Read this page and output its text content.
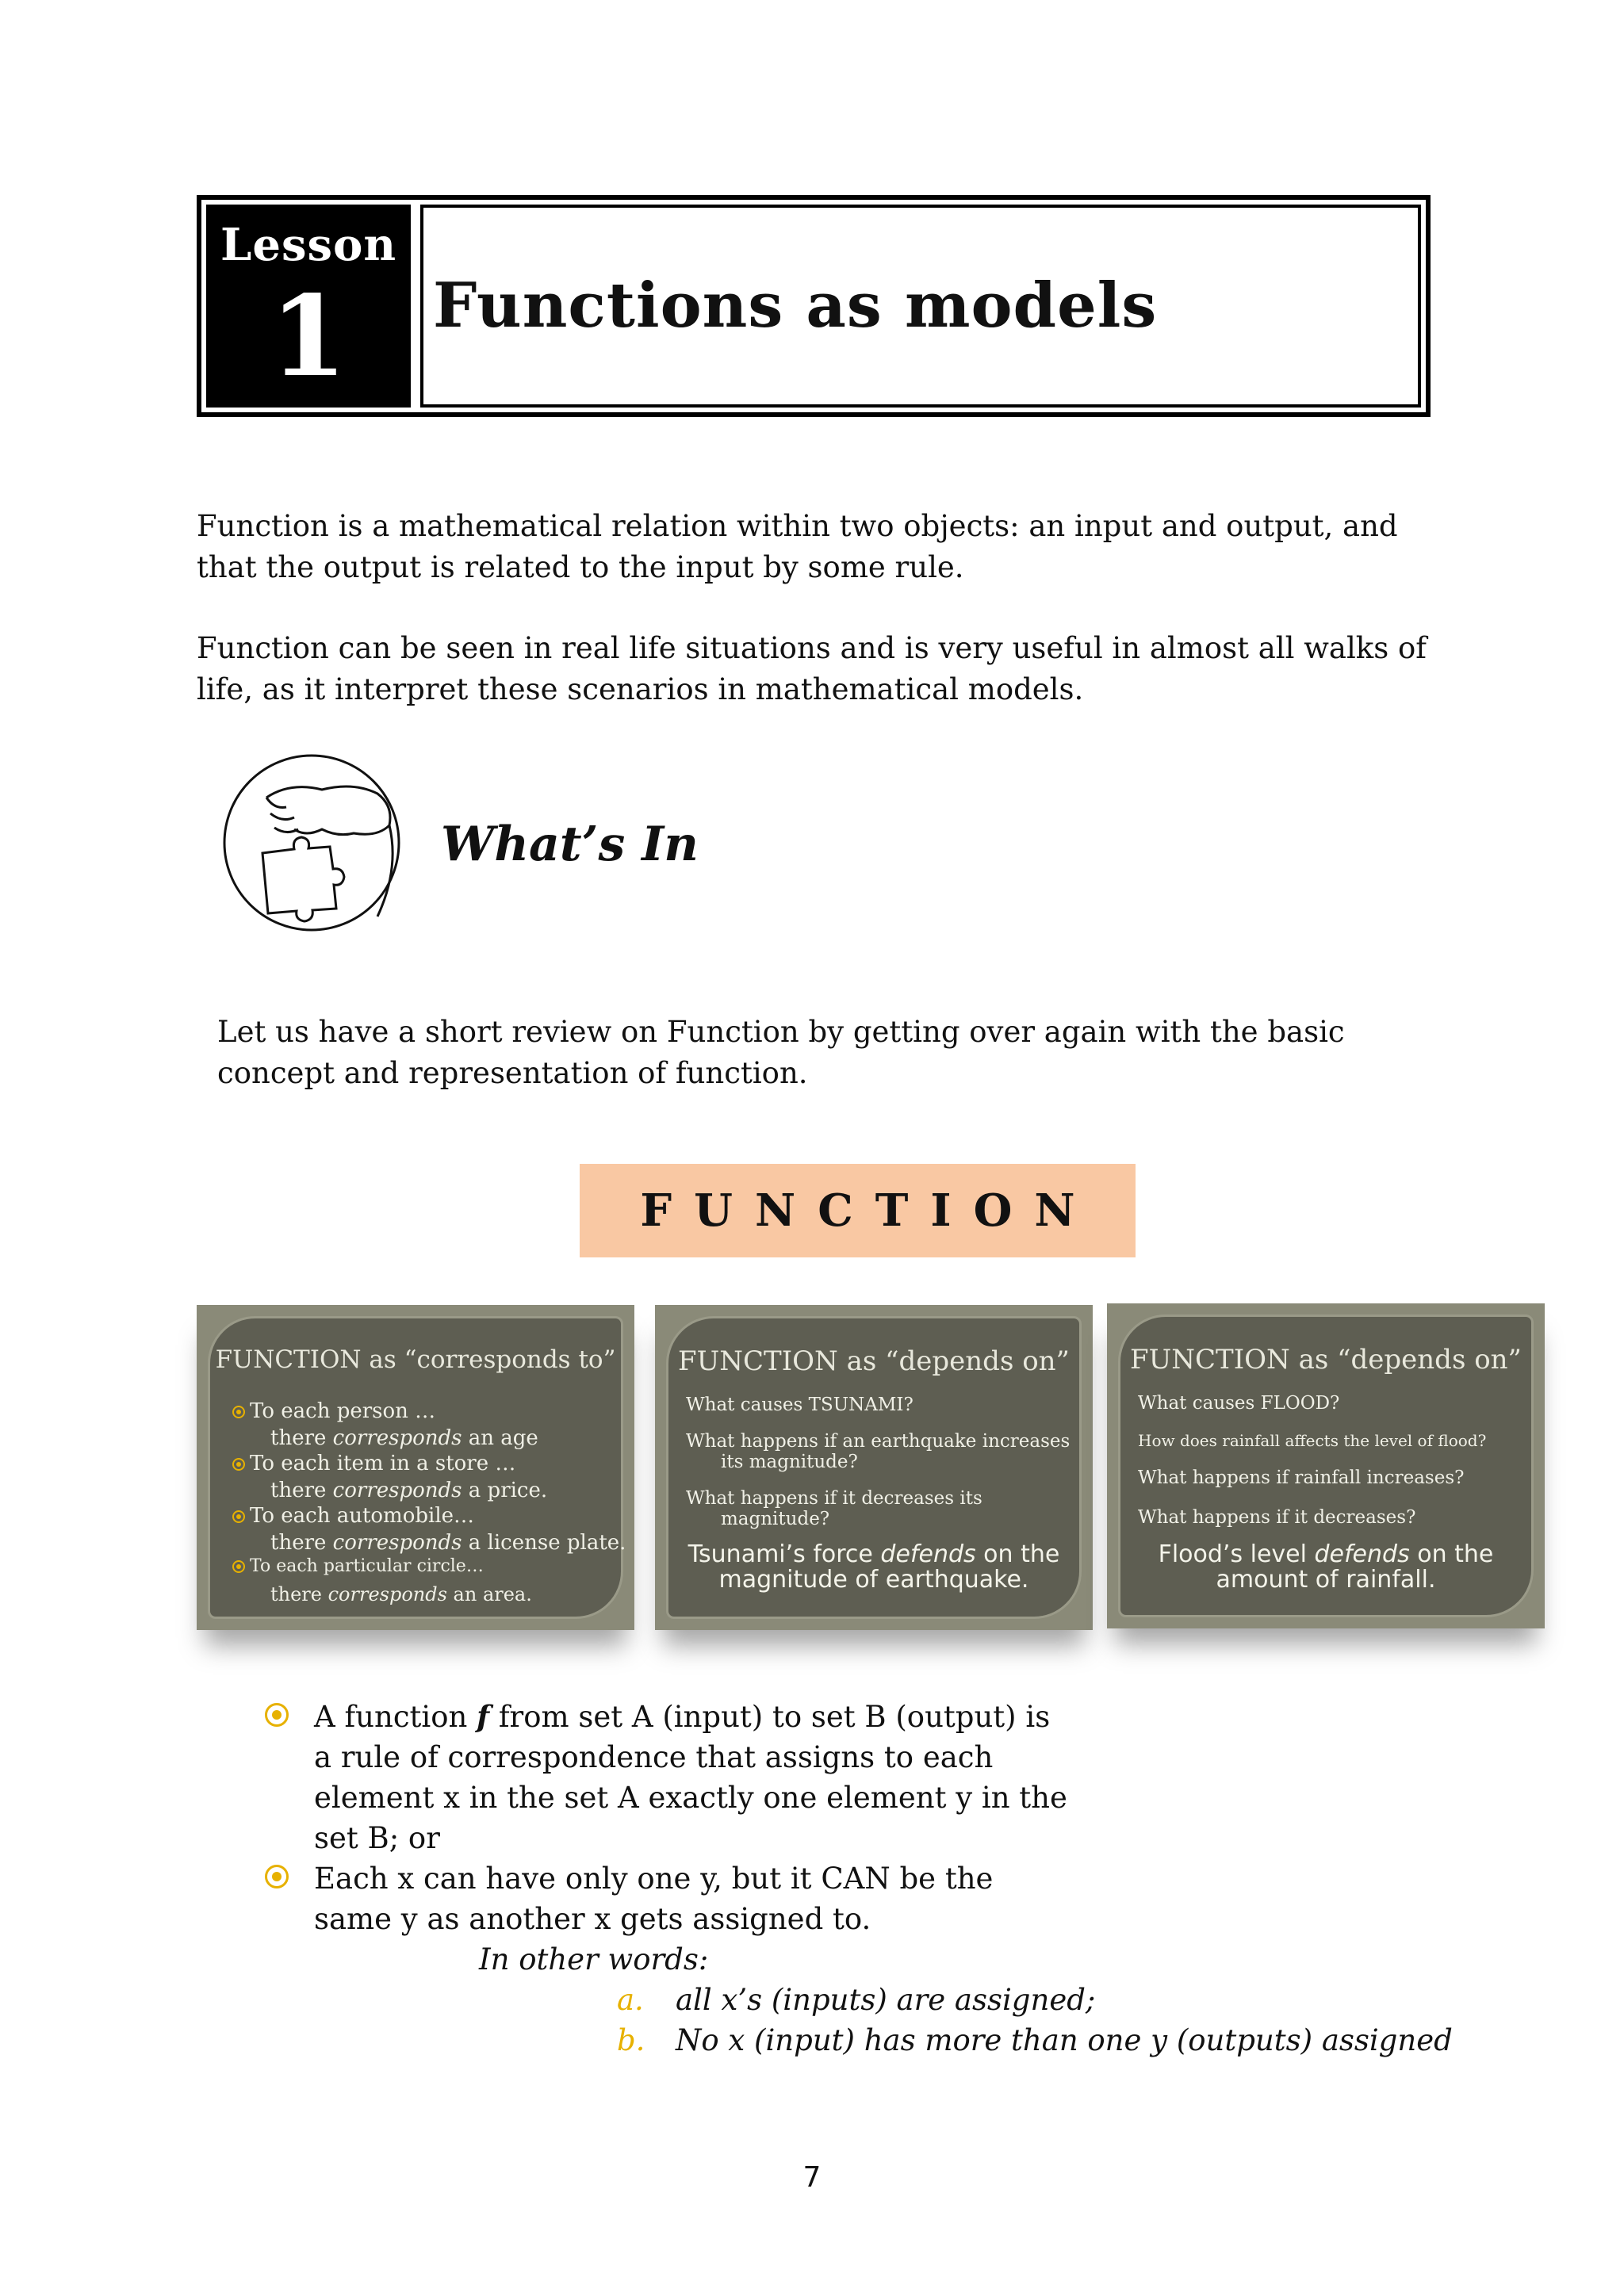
Lesson
1	Functions as models
Function is a mathematical relation within two objects: an input and output, and that the output is related to the input by some rule.
Function can be seen in real life situations and is very useful in almost all walks of life, as it interpret these scenarios in mathematical models.
What’s In
Let us have a short review on Function by getting over again with the basic concept and representation of function.
FUNCTION
FUNCTION as “corresponds to”
To each person …
there corresponds an age
To each item in a store …
there corresponds a price.
To each automobile…
there corresponds a license plate.
To each particular circle…
there corresponds an area.
FUNCTION as “depends on”
What causes TSUNAMI?
What happens if an earthquake increases
its magnitude?
What happens if it decreases its
magnitude?
Tsunami’s force defends on the
magnitude of earthquake.
FUNCTION as “depends on”
What causes FLOOD?
How does rainfall affects the level of flood?
What happens if rainfall increases?
What happens if it decreases?
Flood’s level defends on the
amount of rainfall.
A function f from set A (input) to set B (output) is
a rule of correspondence that assigns to each
element x in the set A exactly one element y in the
set B; or
Each x can have only one y, but it CAN be the
same y as another x gets assigned to.
In other words:
a. all x’s (inputs) are assigned;
b. No x (input) has more than one y (outputs) assigned
7
